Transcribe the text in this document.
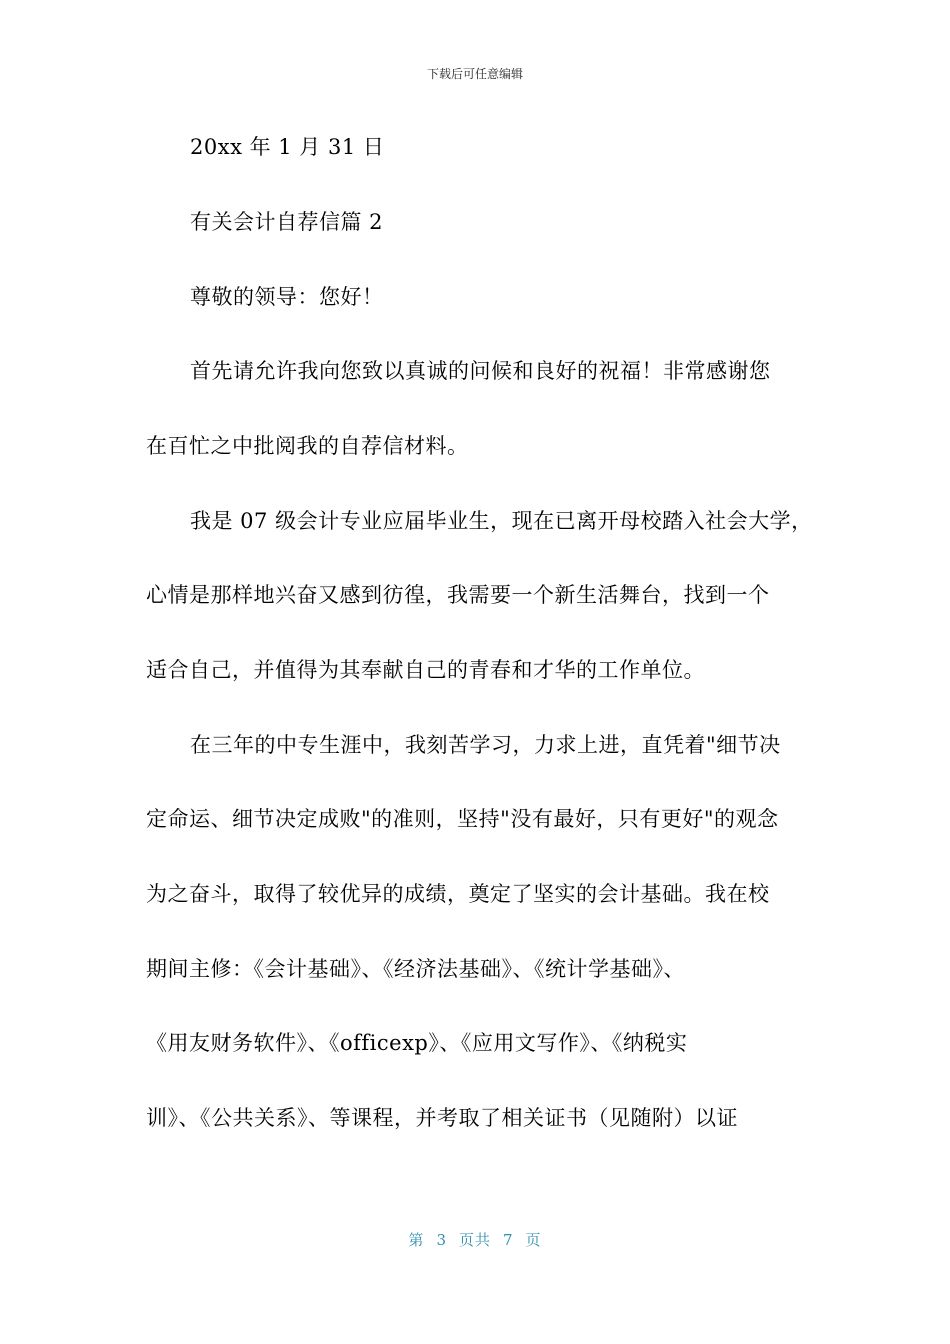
下载后可任意编辑
20xx 年 1 月 31 日
有关会计自荐信篇 2
尊敬的领导：您好！
首先请允许我向您致以真诚的问候和良好的祝福！非常感谢您
在百忙之中批阅我的自荐信材料。
我是 07 级会计专业应届毕业生，现在已离开母校踏入社会大学，
心情是那样地兴奋又感到彷徨，我需要一个新生活舞台，找到一个
适合自己，并值得为其奉献自己的青春和才华的工作单位。
在三年的中专生涯中，我刻苦学习，力求上进，直凭着"细节决
定命运、细节决定成败"的准则，坚持"没有最好，只有更好"的观念
为之奋斗，取得了较优异的成绩，奠定了坚实的会计基础。我在校
期间主修：《会计基础》、《经济法基础》、《统计学基础》、
《用友财务软件》、《officexp》、《应用文写作》、《纳税实
训》、《公共关系》、等课程，并考取了相关证书（见随附）以证
第 3 页共 7 页
